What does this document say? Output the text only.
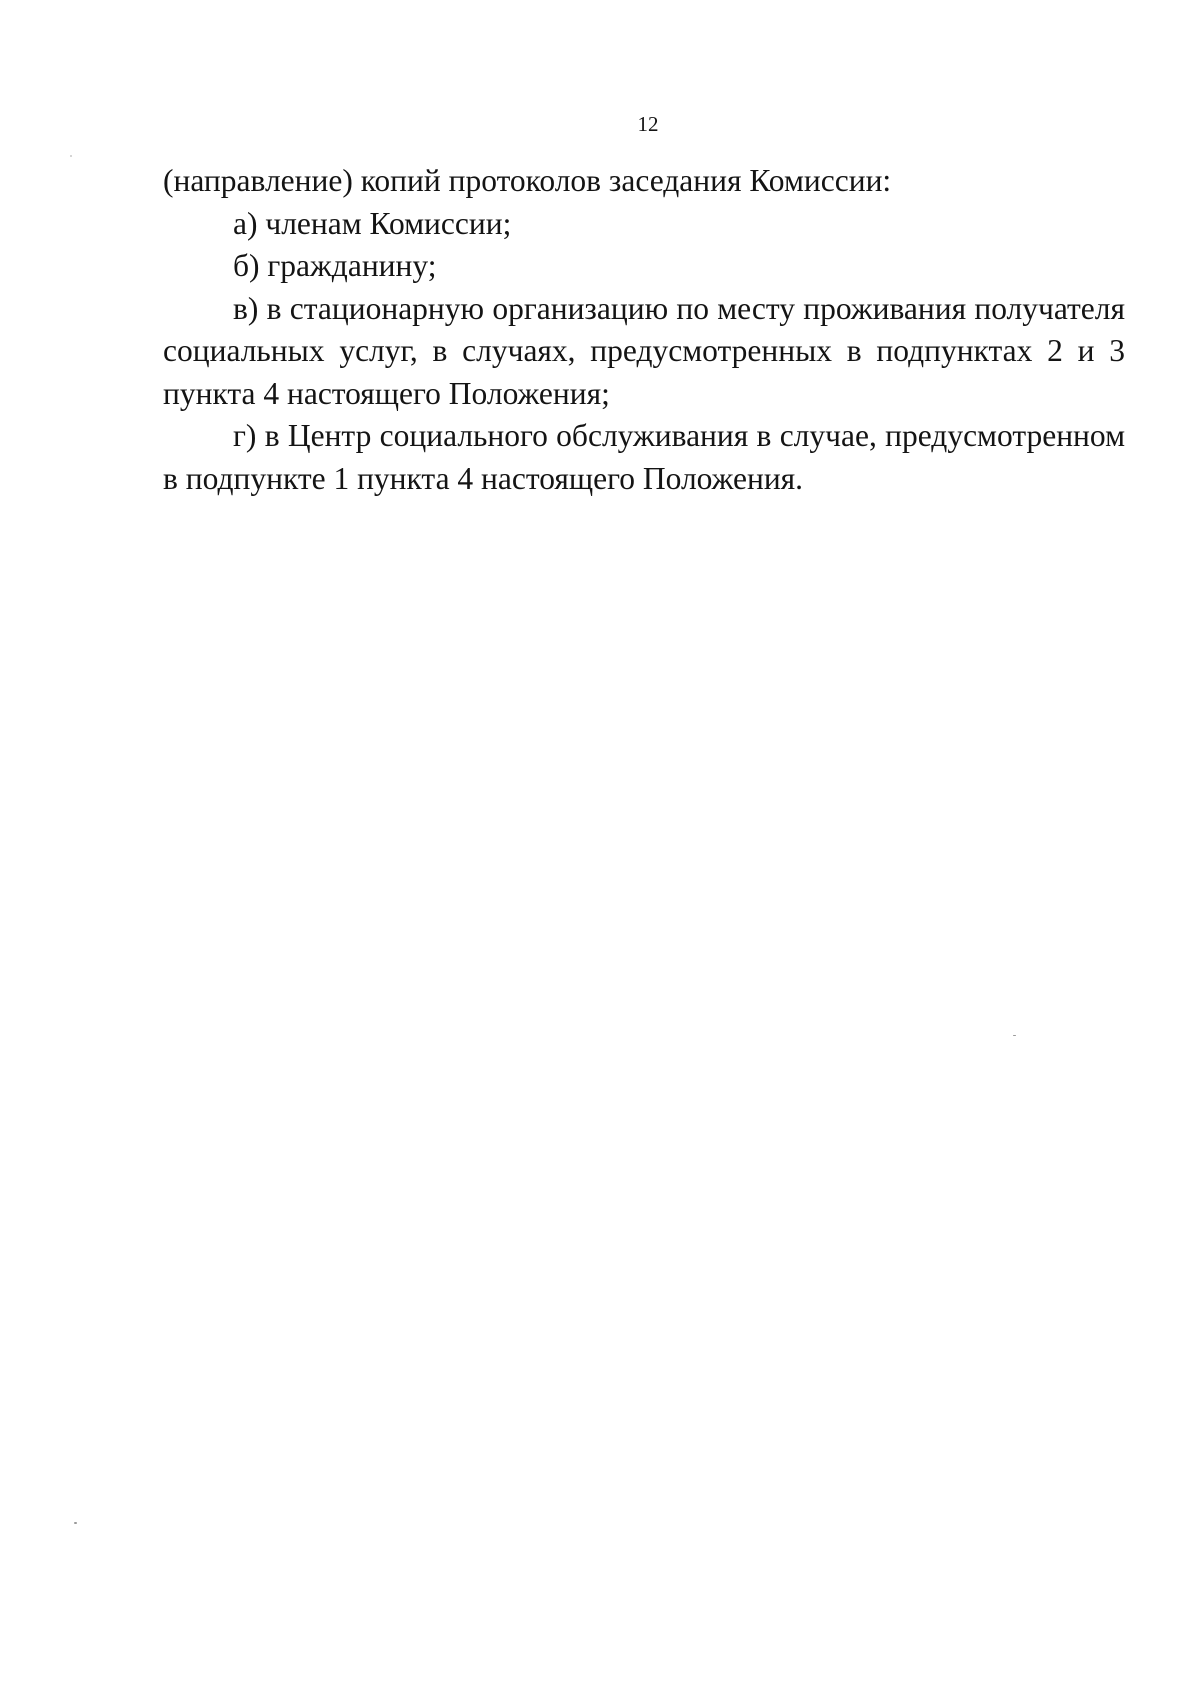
12

(направление) копий протоколов заседания Комиссии:

а) членам Комиссии;

б) гражданину;

в) в стационарную организацию по месту проживания получателя социальных услуг, в случаях, предусмотренных в подпунктах 2 и 3 пункта 4 настоящего Положения;

г) в Центр социального обслуживания в случае, предусмотренном в подпункте 1 пункта 4 настоящего Положения.
